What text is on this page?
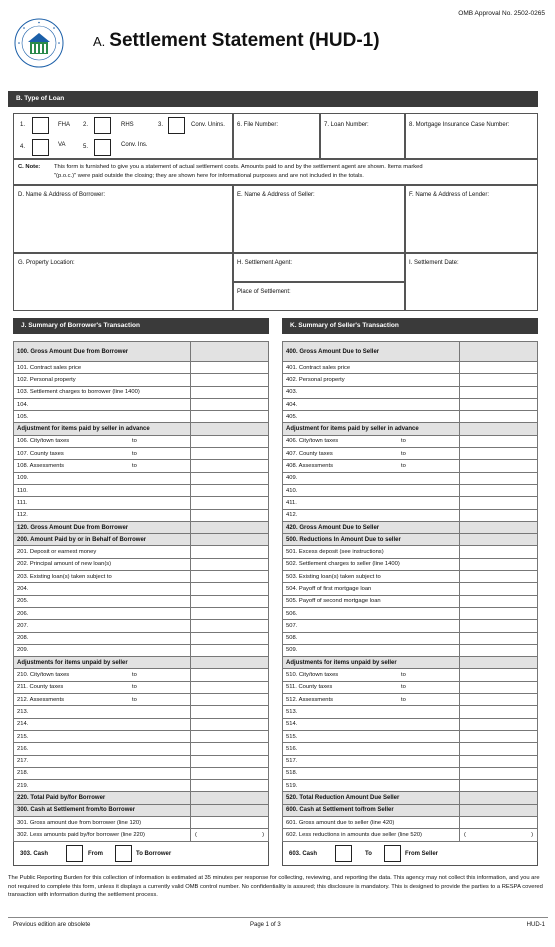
OMB Approval No. 2502-0265
A. Settlement Statement (HUD-1)
B. Type of Loan
1.	FHA 2.	RHS	3.	Conv. Unins.
4.	VA	5.	Conv. Ins.
6. File Number:	7. Loan Number:	8. Mortgage Insurance Case Number:
C. Note: This form is furnished to give you a statement of actual settlement costs. Amounts paid to and by the settlement agent are shown. Items marked
"(p.o.c.)" were paid outside the closing; they are shown here for informational purposes and are not included in the totals.
D. Name & Address of Borrower:	E. Name & Address of Seller:	F. Name & Address of Lender:
G. Property Location:	H. Settlement Agent:
Place of Settlement:
I. Settlement Date:
J. Summary of Borrower's Transaction	K. Summary of Seller's Transaction
100. Gross Amount Due from Borrower	
101. Contract sales price	
102. Personal property	
103. Settlement charges to borrower (line 1400)	
104.	
105.	
Adjustment for items paid by seller in advance	
106. City/town taxes to	

107. County taxes to	

108. Assessments to	

109.	
110.	
111.	
112.	
120. Gross Amount Due from Borrower	
200. Amount Paid by or in Behalf of Borrower	
201. Deposit or earnest money	
202. Principal amount of new loan(s)	
203. Existing loan(s) taken subject to	
204.	
205.	
206.	
207.	
208.	
209.	
Adjustments for items unpaid by seller	
210. City/town taxes to	

211. County taxes to	

212. Assessments to	

213.	
214.	
215.	
216.	
217.	
218.	
219.	
220. Total Paid by/for Borrower	
300. Cash at Settlement from/to Borrower	
301. Gross amount due from borrower (line 120)	
302. Less amounts paid by/for borrower (line 220)	( )
303. Cash	From	To Borrower
400. Gross Amount Due to Seller	
401. Contract sales price	
402. Personal property	
403.	
404.	
405.	
Adjustment for items paid by seller in advance	
406. City/town taxes to	

407. County taxes to	

408. Assessments to	

409.	
410.	
411.	
412.	
420. Gross Amount Due to Seller	
500. Reductions In Amount Due to seller	
501. Excess deposit (see instructions)	
502. Settlement charges to seller (line 1400)	
503. Existing loan(s) taken subject to	
504. Payoff of first mortgage loan	
505. Payoff of second mortgage loan	
506.	
507.	
508.	
509.	
Adjustments for items unpaid by seller	
510. City/town taxes to	

511. County taxes to	

512. Assessments to	

513.	
514.	
515.	
516.	
517.	
518.	
519.	
520. Total Reduction Amount Due Seller	
600. Cash at Settlement to/from Seller	
601. Gross amount due to seller (line 420)	
602. Less reductions in amounts due seller (line 520)	( )
603. Cash	To	From Seller
The Public Reporting Burden for this collection of information is estimated at 35 minutes per response for collecting, reviewing, and reporting the data. This agency may not collect this information, and you are not required to complete this form, unless it displays a currently valid OMB control number. No confidentiality is assured; this disclosure is mandatory. This is designed to provide the parties to a RESPA covered transaction with information during the settlement process.
Previous edition are obsolete	Page 1 of 3	HUD-1
